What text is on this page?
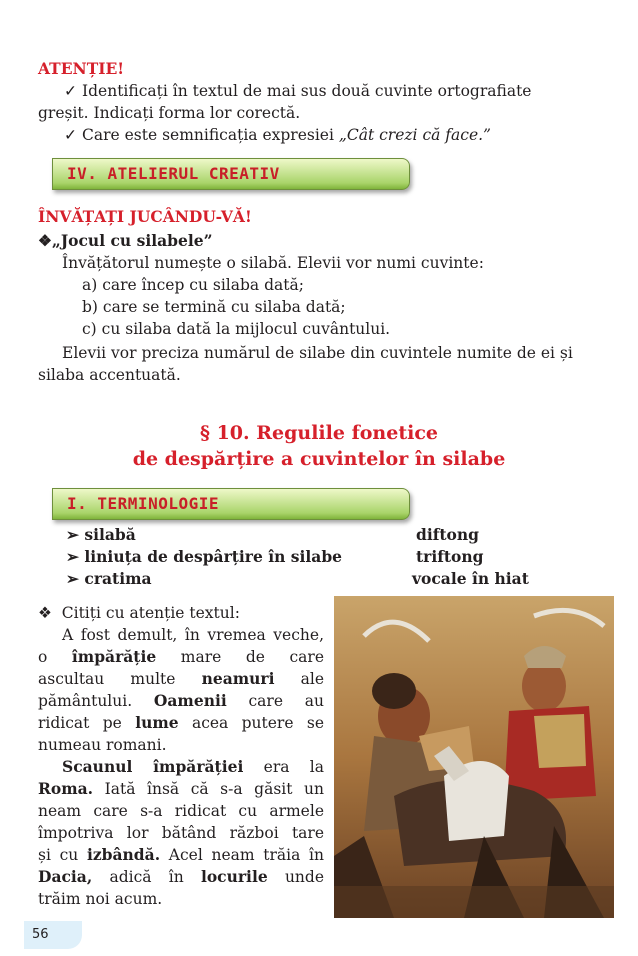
ATENȚIE!
✓ Identificați în textul de mai sus două cuvinte ortografiate
greșit. Indicați forma lor corectă.
✓ Care este semnificația expresiei „Cât crezi că face.”
IV. ATELIERUL CREATIV
ÎNVĂȚAȚI JUCÂNDU-VĂ!
❖„Jocul cu silabele”
Învățătorul numește o silabă. Elevii vor numi cuvinte:
a) care încep cu silaba dată;
b) care se termină cu silaba dată;
c) cu silaba dată la mijlocul cuvântului.
Elevii vor preciza numărul de silabe din cuvintele numite de ei și
silaba accentuată.
§ 10. Regulile fonetice
de despărțire a cuvintelor în silabe
I. TERMINOLOGIE
➢ silabă
➢ liniuța de despârțire în silabe
➢ cratima
diftong
triftong
vocale în hiat
❖ Citiți cu atenție textul:
A fost demult, în vremea veche,
o împărăție mare de care
ascultau multe neamuri ale
pământului. Oamenii care au
ridicat pe lume acea putere se
numeau romani.
Scaunul împărăției era la
Roma. Iată însă că s-a găsit un
neam care s-a ridicat cu armele
împotriva lor bătând război tare
și cu izbândă. Acel neam trăia în
Dacia, adică în locurile unde
trăim noi acum.
56
